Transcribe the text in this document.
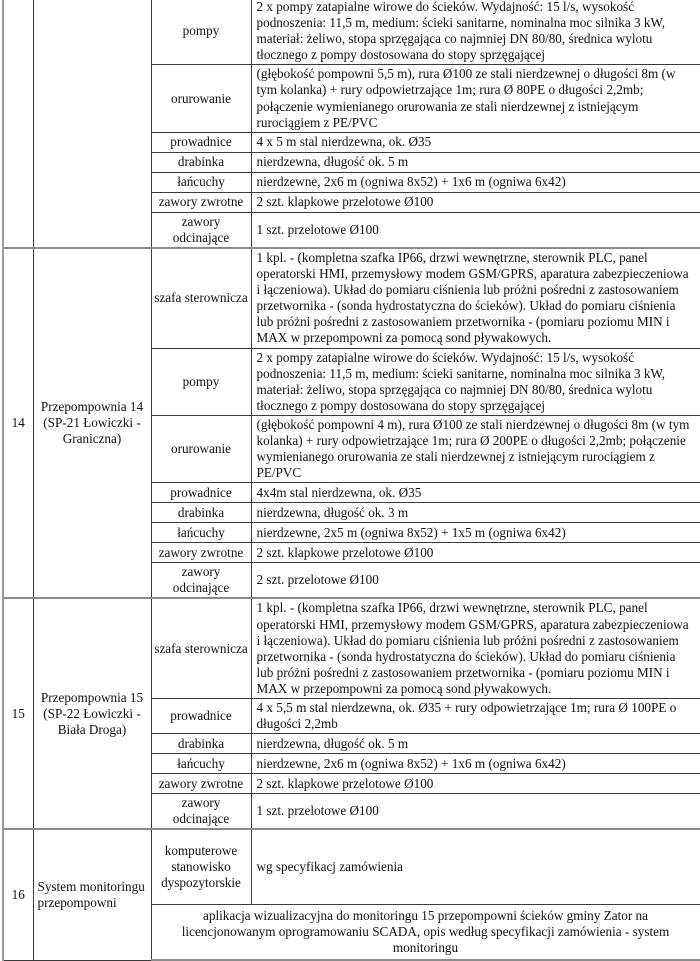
		pompy	2 x pompy zatapialne wirowe do ścieków. Wydajność: 15 l/s, wysokość podnoszenia: 11,5 m, medium: ścieki sanitarne, nominalna moc silnika 3 kW, materiał: żeliwo, stopa sprzęgająca co najmniej DN 80/80, średnica wylotu tłocznego z pompy dostosowana do stopy sprzęgającej
		orurowanie	(głębokość pompowni 5,5 m), rura Ø100 ze stali nierdzewnej o długości 8m (w tym kolanka) + rury odpowietrzające 1m; rura Ø 80PE o długości 2,2mb; połączenie wymienianego orurowania ze stali nierdzewnej z istniejącym rurociągiem z PE/PVC
		prowadnice	4 x 5 m stal nierdzewna, ok. Ø35
		drabinka	nierdzewna, długość ok. 5 m
		łańcuchy	nierdzewne, 2x6 m (ogniwa 8x52) + 1x6 m (ogniwa 6x42)
		zawory zwrotne	2 szt. klapkowe przelotowe Ø100
		zawory odcinające	1 szt. przelotowe Ø100
14	Przepompownia 14 (SP-21 Łowiczki - Graniczna)	szafa sterownicza	1 kpl. - (kompletna szafka IP66, drzwi wewnętrzne, sterownik PLC, panel operatorski HMI, przemysłowy modem GSM/GPRS, aparatura zabezpieczeniowa i łączeniowa). Układ do pomiaru ciśnienia lub próżni pośredni z zastosowaniem przetwornika - (sonda hydrostatyczna do ścieków). Układ do pomiaru ciśnienia lub próżni pośredni z zastosowaniem przetwornika - (pomiaru poziomu MIN i MAX w przepompowni za pomocą sond pływakowych.
		pompy	2 x pompy zatapialne wirowe do ścieków. Wydajność: 15 l/s, wysokość podnoszenia: 11,5 m, medium: ścieki sanitarne, nominalna moc silnika 3 kW, materiał: żeliwo, stopa sprzęgająca co najmniej DN 80/80, średnica wylotu tłocznego z pompy dostosowana do stopy sprzęgającej
		orurowanie	(głębokość pompowni 4 m), rura Ø100 ze stali nierdzewnej o długości 8m (w tym kolanka) + rury odpowietrzające 1m; rura Ø 200PE o długości 2,2mb; połączenie wymienianego orurowania ze stali nierdzewnej z istniejącym rurociągiem z PE/PVC
		prowadnice	4x4m stal nierdzewna, ok. Ø35
		drabinka	nierdzewna, długość ok. 3 m
		łańcuchy	nierdzewne, 2x5 m (ogniwa 8x52) + 1x5 m (ogniwa 6x42)
		zawory zwrotne	2 szt. klapkowe przelotowe Ø100
		zawory odcinające	2 szt. przelotowe Ø100
15	Przepompownia 15 (SP-22 Łowiczki - Biała Droga)	szafa sterownicza	1 kpl. - (kompletna szafka IP66, drzwi wewnętrzne, sterownik PLC, panel operatorski HMI, przemysłowy modem GSM/GPRS, aparatura zabezpieczeniowa i łączeniowa). Układ do pomiaru ciśnienia lub próżni pośredni z zastosowaniem przetwornika - (sonda hydrostatyczna do ścieków). Układ do pomiaru ciśnienia lub próżni pośredni z zastosowaniem przetwornika - (pomiaru poziomu MIN i MAX w przepompowni za pomocą sond pływakowych.
		prowadnice	4 x 5,5 m stal nierdzewna, ok. Ø35 + rury odpowietrzające 1m; rura Ø 100PE o długości 2,2mb
		drabinka	nierdzewna, długość ok. 5 m
		łańcuchy	nierdzewne, 2x6 m (ogniwa 8x52) + 1x6 m (ogniwa 6x42)
		zawory zwrotne	2 szt. klapkowe przelotowe Ø100
		zawory odcinające	1 szt. przelotowe Ø100
16	System monitoringu przepompowni	komputerowe stanowisko dyspozytorskie	wg specyfikacj zamówienia
		aplikacja wizualizacyjna do monitoringu 15 przepompowni ścieków gminy Zator na licencjonowanym oprogramowaniu SCADA, opis według specyfikacji zamówienia - system monitoringu	
